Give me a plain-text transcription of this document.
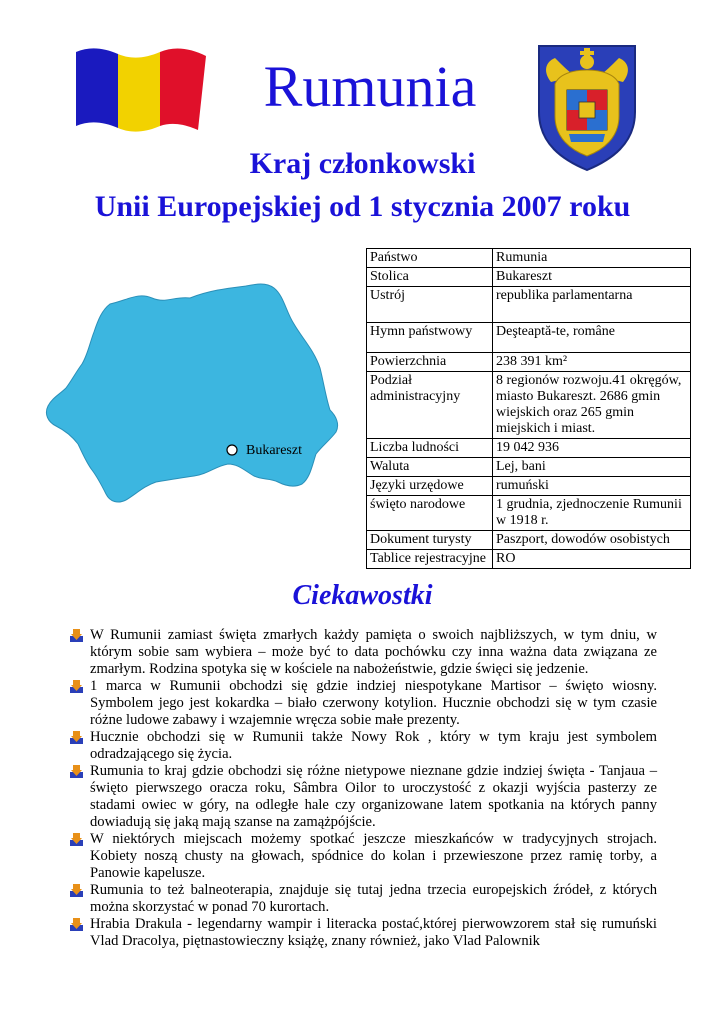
Rumunia
Kraj członkowski
Unii Europejskiej od 1 stycznia 2007 roku
Bukareszt
Państwo	Rumunia
Stolica	Bukareszt
Ustrój	republika parlamentarna
Hymn państwowy	Deşteaptă-te, române
Powierzchnia	238 391 km²
Podział administracyjny	8 regionów rozwoju.41 okręgów, miasto Bukareszt. 2686 gmin wiejskich oraz 265 gmin miejskich i miast.
Liczba ludności	19 042 936
Waluta	Lej, bani
Języki urzędowe	rumuński
święto narodowe	1 grudnia, zjednoczenie Rumunii w 1918 r.
Dokument turysty	Paszport, dowodów osobistych
Tablice rejestracyjne	RO
Ciekawostki
W Rumunii zamiast święta zmarłych każdy pamięta o swoich najbliższych, w tym dniu, w którym sobie sam wybiera – może być to data pochówku czy inna ważna data związana ze zmarłym. Rodzina spotyka się w kościele na nabożeństwie, gdzie święci się jedzenie.
1 marca w Rumunii obchodzi się gdzie indziej niespotykane Martisor – święto wiosny. Symbolem jego jest kokardka – biało czerwony kotylion. Hucznie obchodzi się w tym czasie różne ludowe zabawy i wzajemnie wręcza sobie małe prezenty.
Hucznie obchodzi się w Rumunii także Nowy Rok , który w tym kraju jest symbolem odradzającego się życia.
Rumunia to kraj gdzie obchodzi się różne nietypowe nieznane gdzie indziej święta - Tanjaua – święto pierwszego oracza roku, Sâmbra Oilor to uroczystość z okazji wyjścia pasterzy ze stadami owiec w góry, na odległe hale czy organizowane latem spotkania na których panny dowiadują się jaką mają szanse na zamążpójście.
W niektórych miejscach możemy spotkać jeszcze mieszkańców w tradycyjnych strojach. Kobiety noszą chusty na głowach, spódnice do kolan i przewieszone przez ramię torby, a Panowie kapelusze.
Rumunia to też balneoterapia, znajduje się tutaj jedna trzecia europejskich źródeł, z których można skorzystać w ponad 70 kurortach.
Hrabia Drakula - legendarny wampir i literacka postać,której pierwowzorem stał się rumuński Vlad Dracolya, piętnastowieczny książę, znany również, jako Vlad Palownik
